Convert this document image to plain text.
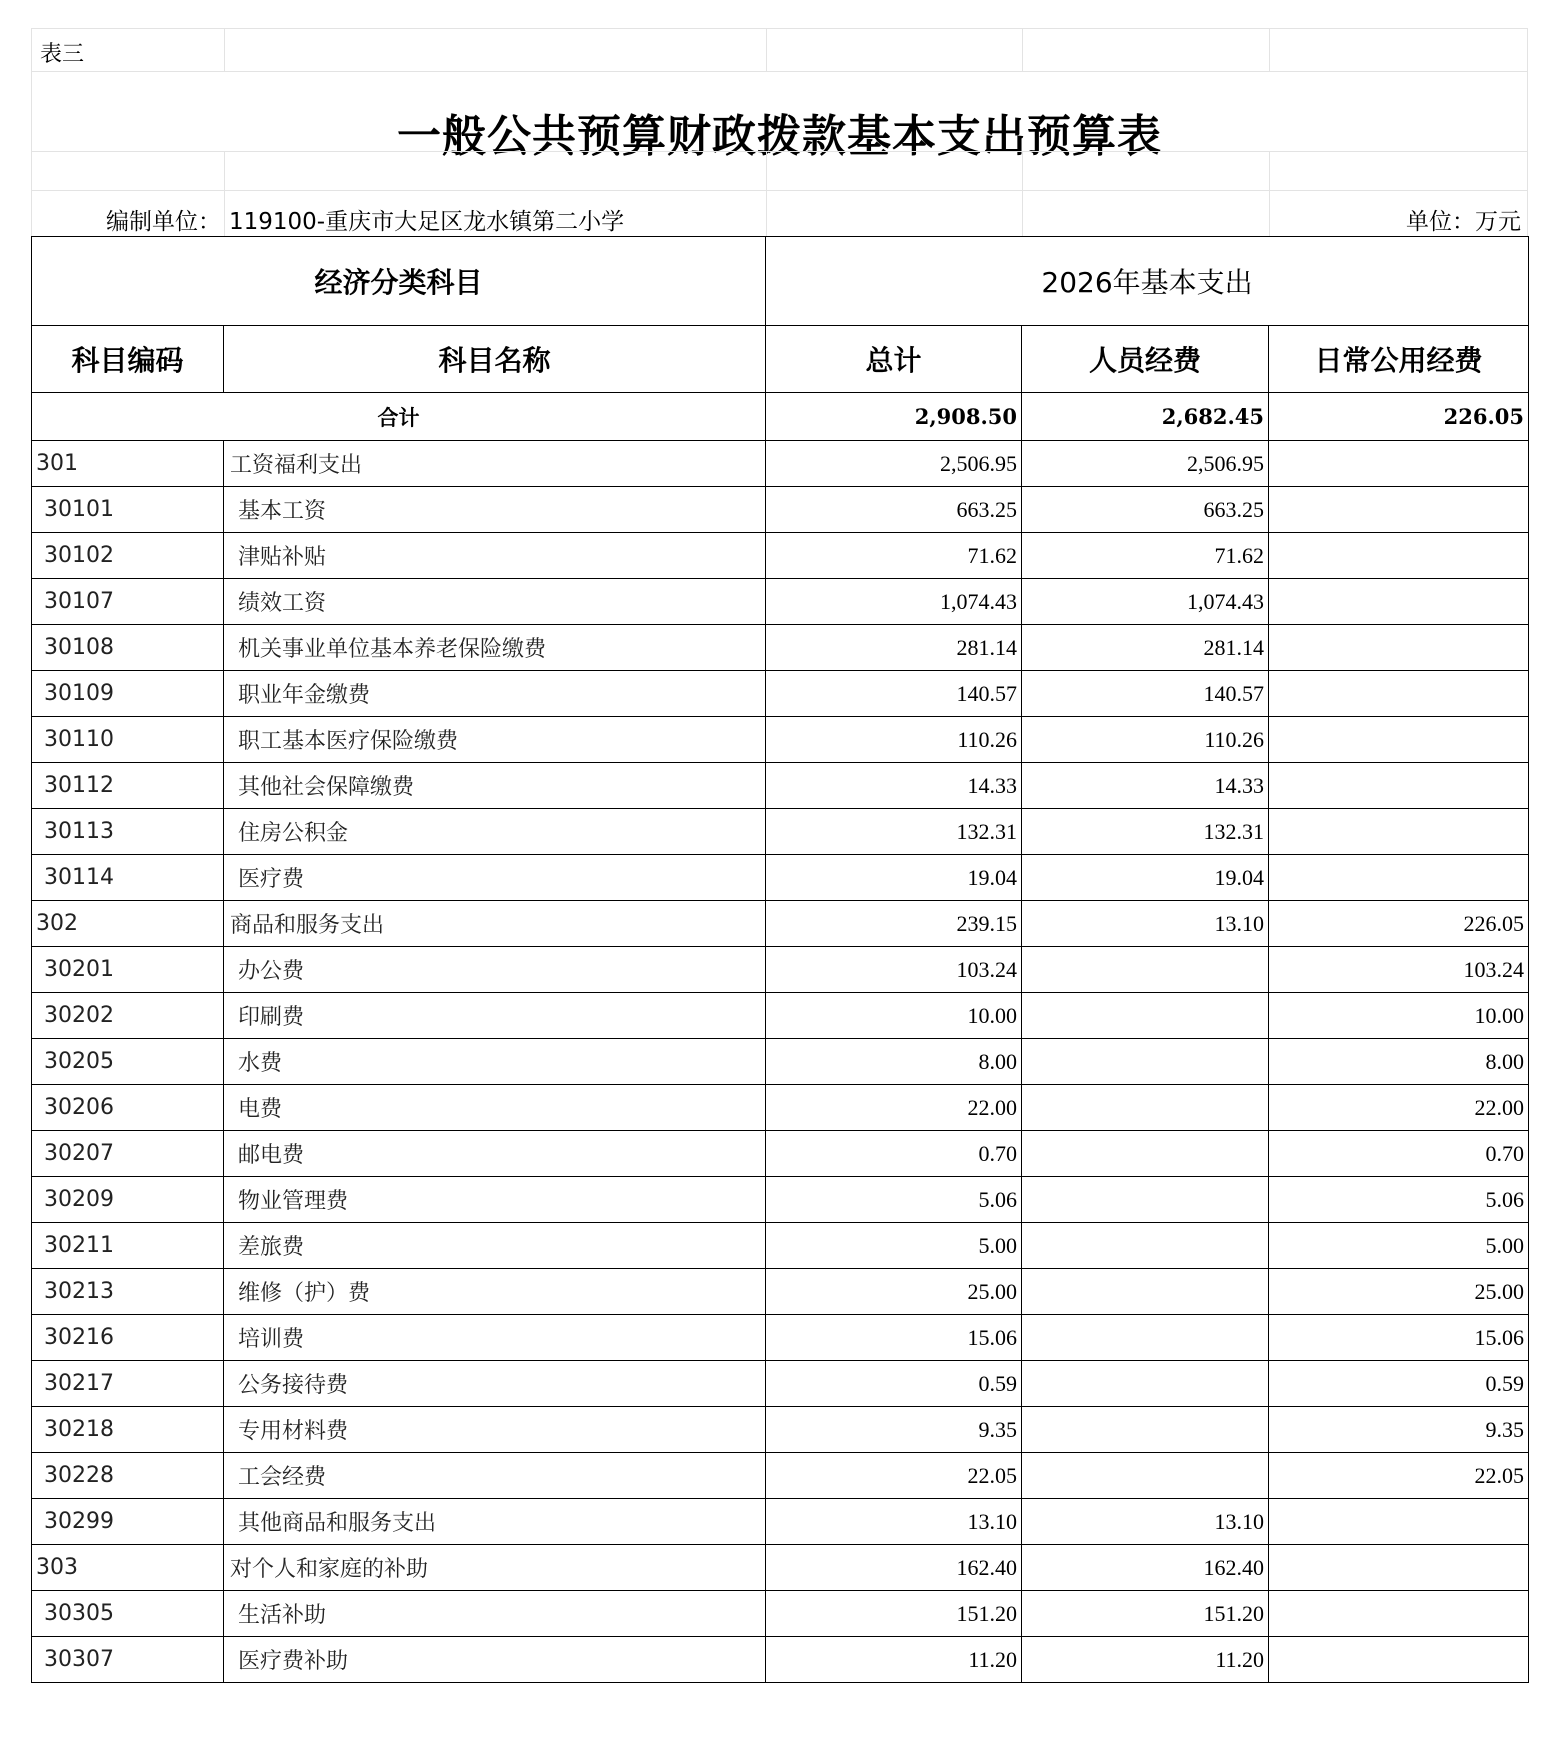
表三
一般公共预算财政拨款基本支出预算表
编制单位： 119100-重庆市大足区龙水镇第二小学	单位：万元
经济分类科目		2026年基本支出		
科目编码	科目名称	总计	人员经费	日常公用经费
合计		2,908.50	2,682.45	226.05
301	工资福利支出	2,506.95	2,506.95	
30101	基本工资	663.25	663.25	
30102	津贴补贴	71.62	71.62	
30107	绩效工资	1,074.43	1,074.43	
30108	机关事业单位基本养老保险缴费	281.14	281.14	
30109	职业年金缴费	140.57	140.57	
30110	职工基本医疗保险缴费	110.26	110.26	
30112	其他社会保障缴费	14.33	14.33	
30113	住房公积金	132.31	132.31	
30114	医疗费	19.04	19.04	
302	商品和服务支出	239.15	13.10	226.05
30201	办公费	103.24		103.24
30202	印刷费	10.00		10.00
30205	水费	8.00		8.00
30206	电费	22.00		22.00
30207	邮电费	0.70		0.70
30209	物业管理费	5.06		5.06
30211	差旅费	5.00		5.00
30213	维修（护）费	25.00		25.00
30216	培训费	15.06		15.06
30217	公务接待费	0.59		0.59
30218	专用材料费	9.35		9.35
30228	工会经费	22.05		22.05
30299	其他商品和服务支出	13.10	13.10	
303	对个人和家庭的补助	162.40	162.40	
30305	生活补助	151.20	151.20	
30307	医疗费补助	11.20	11.20	
